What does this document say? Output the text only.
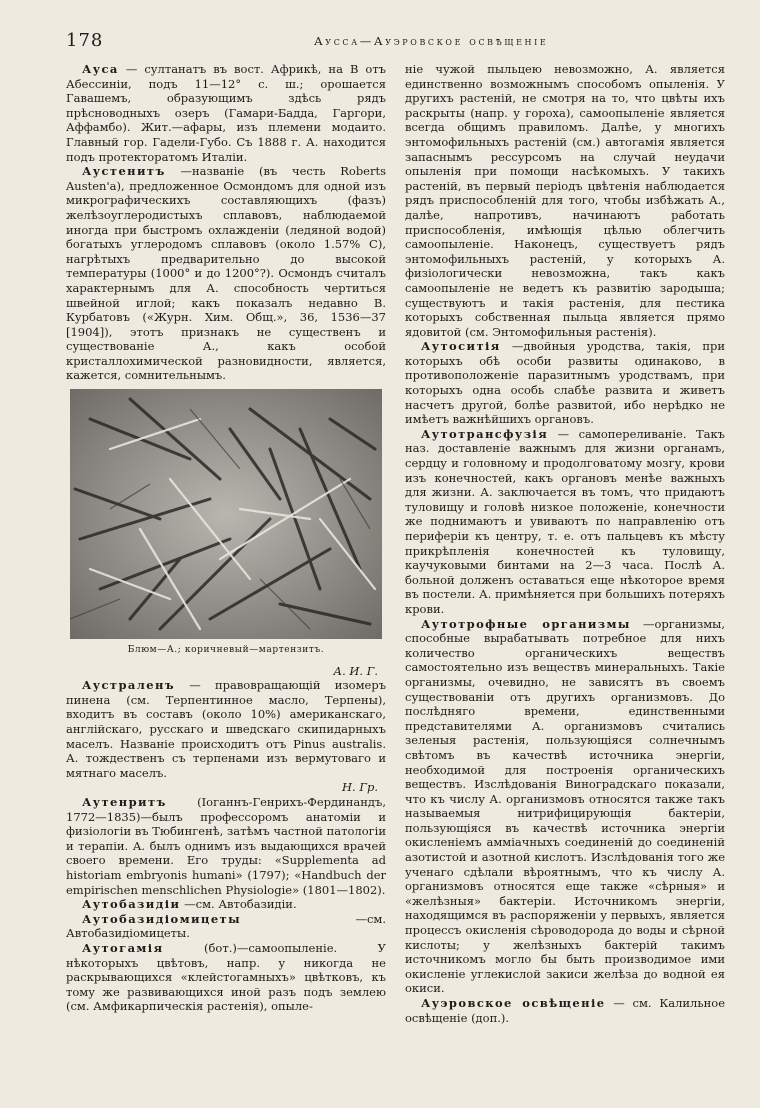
178	Аусса—Ауэровское освѣщеніе

Ауса — султанатъ въ вост. Африкѣ, на В отъ Абессиніи, подъ 11—12° с. ш.; орошается Гавашемъ, образующимъ здѣсь рядъ прѣсноводныхъ озеръ (Гамари-Бадда, Гаргори, Аффамбо). Жит.—афары, изъ племени модаито. Главный гор. Гадели-Губо. Съ 1888 г. А. находится подъ протекторатомъ Италіи.

Аустенитъ —названіе (въ честь Roberts Austen'а), предложенное Осмондомъ для одной изъ микрографическихъ составляющихъ (фазъ) желѣзоуглеродистыхъ сплавовъ, наблюдаемой иногда при быстромъ охлажденіи (ледяной водой) богатыхъ углеродомъ сплавовъ (около 1.57% С), нагрѣтыхъ предварительно до высокой температуры (1000° и до 1200°?). Осмондъ считалъ характернымъ для А. способность чертиться швейной иглой; какъ показалъ недавно В. Курбатовъ («Журн. Хим. Общ.», 36, 1536—37 [1904]), этотъ признакъ не существенъ и существованіе А., какъ особой кристаллохимической разновидности, является, кажется, сомнительнымъ.

Блюм—А.; коричневый—мартензитъ.

А. И. Г.

Аустраленъ — правовращающій изомеръ пинена (см. Терпентинное масло, Терпены), входитъ въ составъ (около 10%) американскаго, англійскаго, русскаго и шведскаго скипидарныхъ маселъ. Названіе происходитъ отъ Pinus australis. А. тождественъ съ терпенами изъ вермутоваго и мятнаго маселъ.

Н. Гр.

Аутенритъ	(Іоганнъ-Генрихъ-Фердинандъ, 1772—1835)—былъ профессоромъ анатоміи и физіологіи въ Тюбингенѣ, затѣмъ частной патологіи и терапіи. А. былъ однимъ изъ выдающихся врачей своего времени. Его труды: «Supplementa ad historiam embryonis humani» (1797); «Handbuch der empirischen menschlichen Physiologie» (1801—1802).

Аутобазидіи —см. Автобазидіи.

Аутобазидіомицеты	—см. Автобазидіомицеты.

Аутогамія	(бот.)—самоопыленіе. У нѣкоторыхъ цвѣтовъ, напр. у никогда не раскрывающихся «клейстогамныхъ» цвѣтковъ, къ тому же развивающихся иной разъ подъ землею (см. Амфикарпическія растенія), опыле-

ніе чужой пыльцею невозможно, А. является единственно возможнымъ способомъ опыленія. У другихъ растеній, не смотря на то, что цвѣты ихъ раскрыты (напр. у гороха), самоопыленіе является всегда общимъ правиломъ. Далѣе, у многихъ энтомофильныхъ растеній (см.) автогамія является запаснымъ рессурсомъ на случай неудачи опыленія при помощи насѣкомыхъ. У такихъ растеній, въ первый періодъ цвѣтенія наблюдается рядъ приспособленій для того, чтобы избѣжать А., далѣе, напротивъ, начинаютъ работать приспособленія, имѣющія цѣлью облегчить самоопыленіе. Наконецъ, существуетъ рядъ энтомофильныхъ растеній, у которыхъ А. физіологически невозможна, такъ какъ самоопыленіе не ведетъ къ развитію зародыша; существуютъ и такія растенія, для пестика которыхъ собственная пыльца является прямо ядовитой (см. Энтомофильныя растенія).

Аутоситія —двойныя уродства, такія, при которыхъ обѣ особи развиты одинаково, в противоположеніе паразитнымъ уродствамъ, при которыхъ одна особь слабѣе развита и живетъ насчетъ другой, болѣе развитой, ибо нерѣдко не имѣетъ важнѣйшихъ органовъ.

Аутотрансфузія — самопереливаніе. Такъ наз. доставленіе важнымъ для жизни органамъ, сердцу и головному и продолговатому мозгу, крови изъ конечностей, какъ органовъ менѣе важныхъ для жизни. А. заключается въ томъ, что придаютъ туловищу и головѣ низкое положеніе, конечности же поднимаютъ и увиваютъ по направленію отъ периферіи къ центру, т. е. отъ пальцевъ къ мѣсту прикрѣпленія конечностей къ туловищу, каучуковыми бинтами на 2—3 часа. Послѣ А. больной долженъ оставаться еще нѣкоторое время въ постели. А. примѣняется при большихъ потеряхъ крови.

Аутотрофные организмы —организмы, способные вырабатывать потребное для нихъ количество органическихъ веществъ самостоятельно изъ веществъ минеральныхъ. Такіе организмы, очевидно, не зависятъ въ своемъ существованіи отъ другихъ организмовъ. До послѣдняго времени, единственными представителями А. организмовъ считались зеленыя растенія, пользующіяся солнечнымъ свѣтомъ въ качествѣ источника энергіи, необходимой для построенія органическихъ веществъ. Изслѣдованія Виноградскаго показали, что къ числу А. организмовъ относятся также такъ называемыя нитрифицирующія бактеріи, пользующіяся въ качествѣ источника энергіи окисленіемъ амміачныхъ соединеній до соединеній азотистой и азотной кислотъ. Изслѣдованія того же ученаго сдѣлали вѣроятнымъ, что къ числу А. организмовъ относятся еще также «сѣрныя» и «желѣзныя» бактеріи. Источникомъ энергіи, находящимся въ распоряженіи у первыхъ, является процессъ окисленія сѣроводорода до воды и сѣрной кислоты; у желѣзныхъ бактерій такимъ источникомъ могло бы быть производимое ими окисленіе углекислой закиси желѣза до водной ея окиси.

Ауэровское освѣщеніе — см. Калильное освѣщеніе (доп.).
